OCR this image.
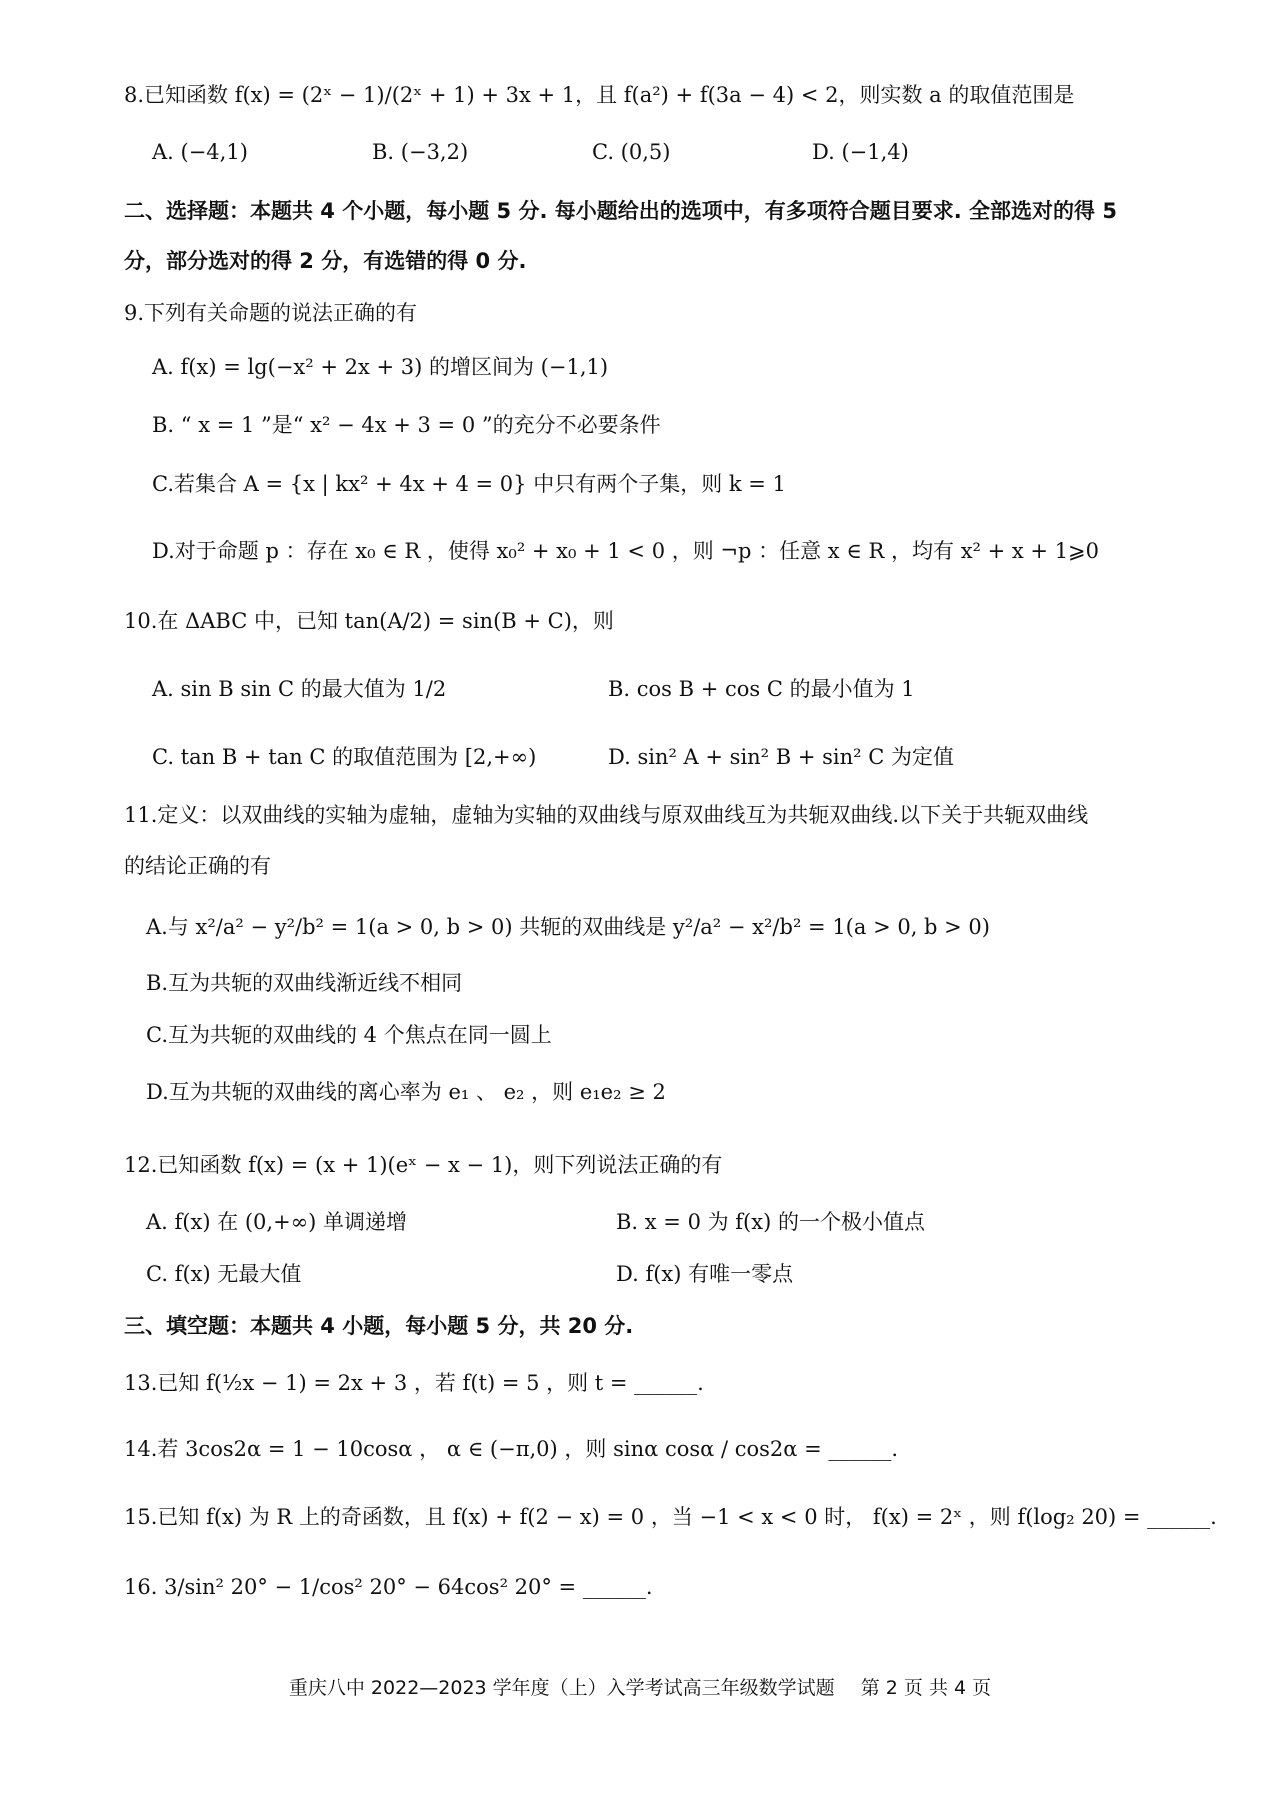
8.已知函数 f(x) = (2ˣ − 1)/(2ˣ + 1) + 3x + 1，且 f(a²) + f(3a − 4) < 2，则实数 a 的取值范围是
A. (−4,1)	B. (−3,2)	C. (0,5)	D. (−1,4)
二、选择题：本题共 4 个小题，每小题 5 分. 每小题给出的选项中，有多项符合题目要求. 全部选对的得 5
分，部分选对的得 2 分，有选错的得 0 分.
9.下列有关命题的说法正确的有
A. f(x) = lg(−x² + 2x + 3) 的增区间为 (−1,1)
B. “ x = 1 ”是“ x² − 4x + 3 = 0 ”的充分不必要条件
C.若集合 A = {x | kx² + 4x + 4 = 0} 中只有两个子集，则 k = 1
D.对于命题 p ：存在 x₀ ∈ R ，使得 x₀² + x₀ + 1 < 0 ，则 ¬p ：任意 x ∈ R ，均有 x² + x + 1⩾0
10.在 ΔABC 中，已知 tan(A/2) = sin(B + C)，则
A. sin B sin C 的最大值为 1/2	B. cos B + cos C 的最小值为 1
C. tan B + tan C 的取值范围为 [2,+∞)	D. sin² A + sin² B + sin² C 为定值
11.定义：以双曲线的实轴为虚轴，虚轴为实轴的双曲线与原双曲线互为共轭双曲线.以下关于共轭双曲线
的结论正确的有
A.与 x²/a² − y²/b² = 1(a > 0, b > 0) 共轭的双曲线是 y²/a² − x²/b² = 1(a > 0, b > 0)
B.互为共轭的双曲线渐近线不相同
C.互为共轭的双曲线的 4 个焦点在同一圆上
D.互为共轭的双曲线的离心率为 e₁ 、 e₂ ，则 e₁e₂ ≥ 2
12.已知函数 f(x) = (x + 1)(eˣ − x − 1)，则下列说法正确的有
A. f(x) 在 (0,+∞) 单调递增	B. x = 0 为 f(x) 的一个极小值点
C. f(x) 无最大值	D. f(x) 有唯一零点
三、填空题：本题共 4 小题，每小题 5 分，共 20 分.
13.已知 f(½x − 1) = 2x + 3 ，若 f(t) = 5 ，则 t = ______.
14.若 3cos2α = 1 − 10cosα ， α ∈ (−π,0) ，则 sinα cosα / cos2α = ______.
15.已知 f(x) 为 R 上的奇函数，且 f(x) + f(2 − x) = 0 ，当 −1 < x < 0 时， f(x) = 2ˣ ，则 f(log₂ 20) = ______.
16. 3/sin² 20° − 1/cos² 20° − 64cos² 20° = ______.
重庆八中 2022—2023 学年度（上）入学考试高三年级数学试题 第 2 页 共 4 页
